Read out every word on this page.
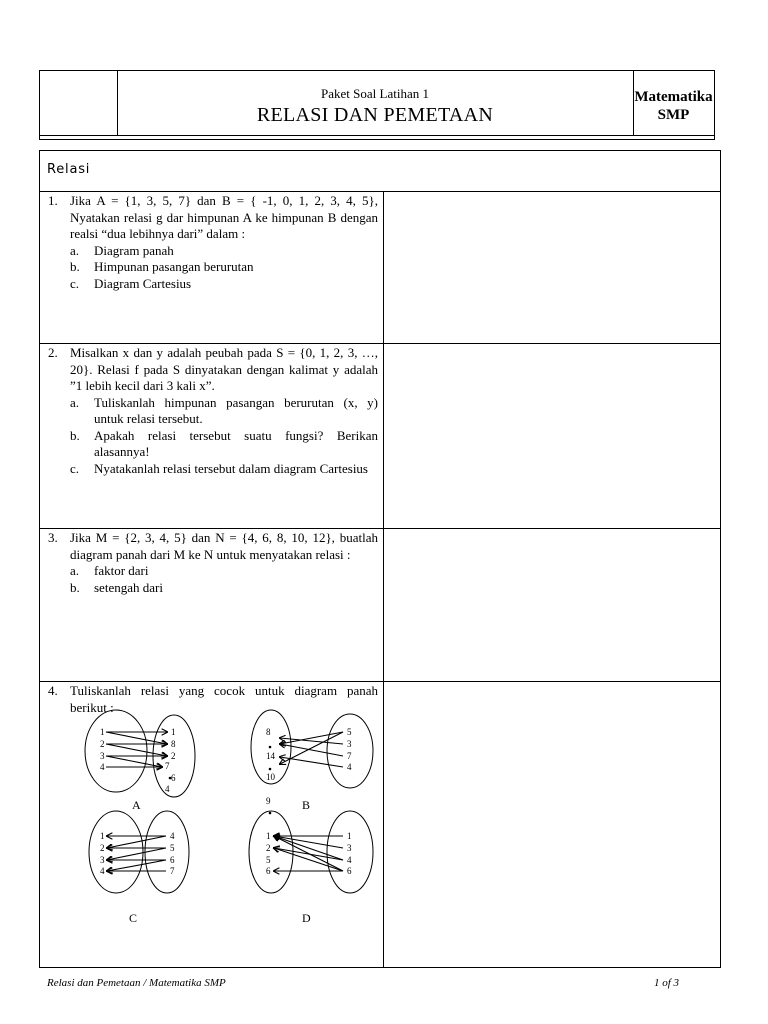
Paket Soal Latihan 1
RELASI DAN PEMETAAN
Matematika
SMP
Relasi
1. Jika A = {1, 3, 5, 7} dan B = { -1, 0, 1, 2, 3, 4, 5}, Nyatakan relasi g dar himpunan A ke himpunan B dengan realsi “dua lebihnya dari” dalam :
a. Diagram panah
b. Himpunan pasangan berurutan
c. Diagram Cartesius
2. Misalkan x dan y adalah peubah pada S = {0, 1, 2, 3, …, 20}. Relasi f pada S dinyatakan dengan kalimat y adalah ”1 lebih kecil dari 3 kali x”.
a. Tuliskanlah himpunan pasangan berurutan (x, y) untuk relasi tersebut.
b. Apakah relasi tersebut suatu fungsi? Berikan alasannya!
c. Nyatakanlah relasi tersebut dalam diagram Cartesius
3. Jika M = {2, 3, 4, 5} dan N = {4, 6, 8, 10, 12}, buatlah diagram panah dari M ke N untuk menyatakan relasi :
a. faktor dari
b. setengah dari
4. Tuliskanlah relasi yang cocok untuk diagram panah berikut :
1
2
3
4
1
8
2
7
6
4
A
8
14
10
9
5
3
7
4
B
1
2
3
4
4
5
6
7
C
1
2
5
6
1
3
4
6
D
Relasi dan Pemetaan / Matematika SMP	1 of 3
